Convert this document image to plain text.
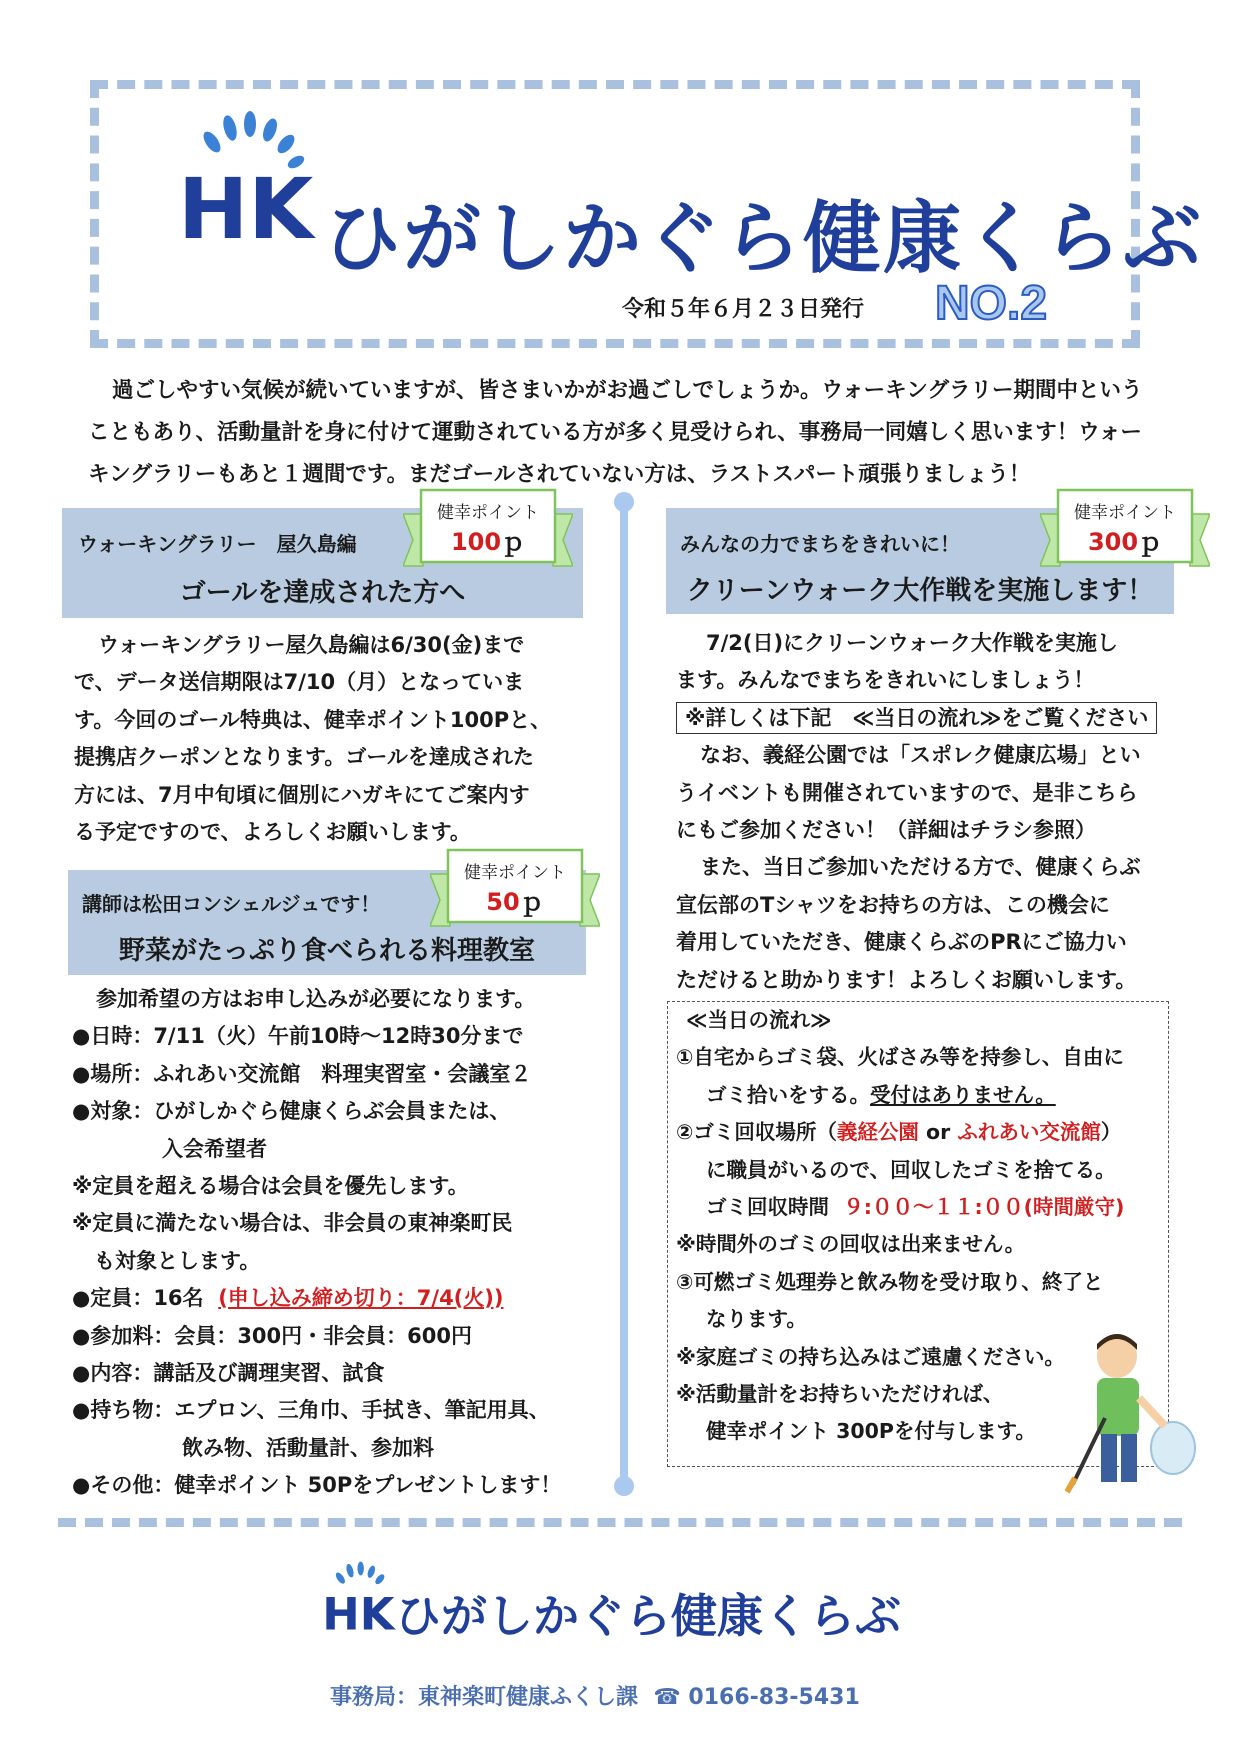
HK ひがしかぐら健康くらぶ
令和５年６月２３日発行 NO.2

過ごしやすい気候が続いていますが、皆さまいかがお過ごしでしょうか。ウォーキングラリー期間中ということもあり、活動量計を身に付けて運動されている方が多く見受けられ、事務局一同嬉しく思います！ウォーキングラリーもあと１週間です。まだゴールされていない方は、ラストスパート頑張りましょう！

ウォーキングラリー　屋久島編
ゴールを達成された方へ
健幸ポイント
100ｐ
ウォーキングラリー屋久島編は6/30(金)まで
で、データ送信期限は7/10（月）となっていま
す。今回のゴール特典は、健幸ポイント100Pと、
提携店クーポンとなります。ゴールを達成された
方には、7月中旬頃に個別にハガキにてご案内す
る予定ですので、よろしくお願いします。
講師は松田コンシェルジュです！
野菜がたっぷり食べられる料理教室
健幸ポイント
50ｐ
参加希望の方はお申し込みが必要になります。
●日時：7/11（火）午前10時～12時30分まで
●場所：ふれあい交流館　料理実習室・会議室２
●対象：ひがしかぐら健康くらぶ会員または、
入会希望者
※定員を超える場合は会員を優先します。
※定員に満たない場合は、非会員の東神楽町民
も対象とします。
●定員：16名 (申し込み締め切り：7/4(火))
●参加料：会員：300円・非会員：600円
●内容：講話及び調理実習、試食
●持ち物：エプロン、三角巾、手拭き、筆記用具、
飲み物、活動量計、参加料
●その他：健幸ポイント 50Pをプレゼントします！
みんなの力でまちをきれいに！
クリーンウォーク大作戦を実施します！
健幸ポイント
300ｐ
7/2(日)にクリーンウォーク大作戦を実施し
ます。みんなでまちをきれいにしましょう！
※詳しくは下記　≪当日の流れ≫をご覧ください
なお、義経公園では「スポレク健康広場」とい
うイベントも開催されていますので、是非こちら
にもご参加ください！（詳細はチラシ参照）
また、当日ご参加いただける方で、健康くらぶ
宣伝部のTシャツをお持ちの方は、この機会に
着用していただき、健康くらぶのPRにご協力い
ただけると助かります！よろしくお願いします。
≪当日の流れ≫
①自宅からゴミ袋、火ばさみ等を持参し、自由に
ゴミ拾いをする。受付はありません。
②ゴミ回収場所（義経公園 or ふれあい交流館）
に職員がいるので、回収したゴミを捨てる。
ゴミ回収時間 ９:００～１１:００(時間厳守)
※時間外のゴミの回収は出来ません。
③可燃ゴミ処理券と飲み物を受け取り、終了と
なります。
※家庭ゴミの持ち込みはご遠慮ください。
※活動量計をお持ちいただければ、
健幸ポイント 300Pを付与します。
HK ひがしかぐら健康くらぶ
事務局：東神楽町健康ふくし課 ☎ 0166-83-5431
